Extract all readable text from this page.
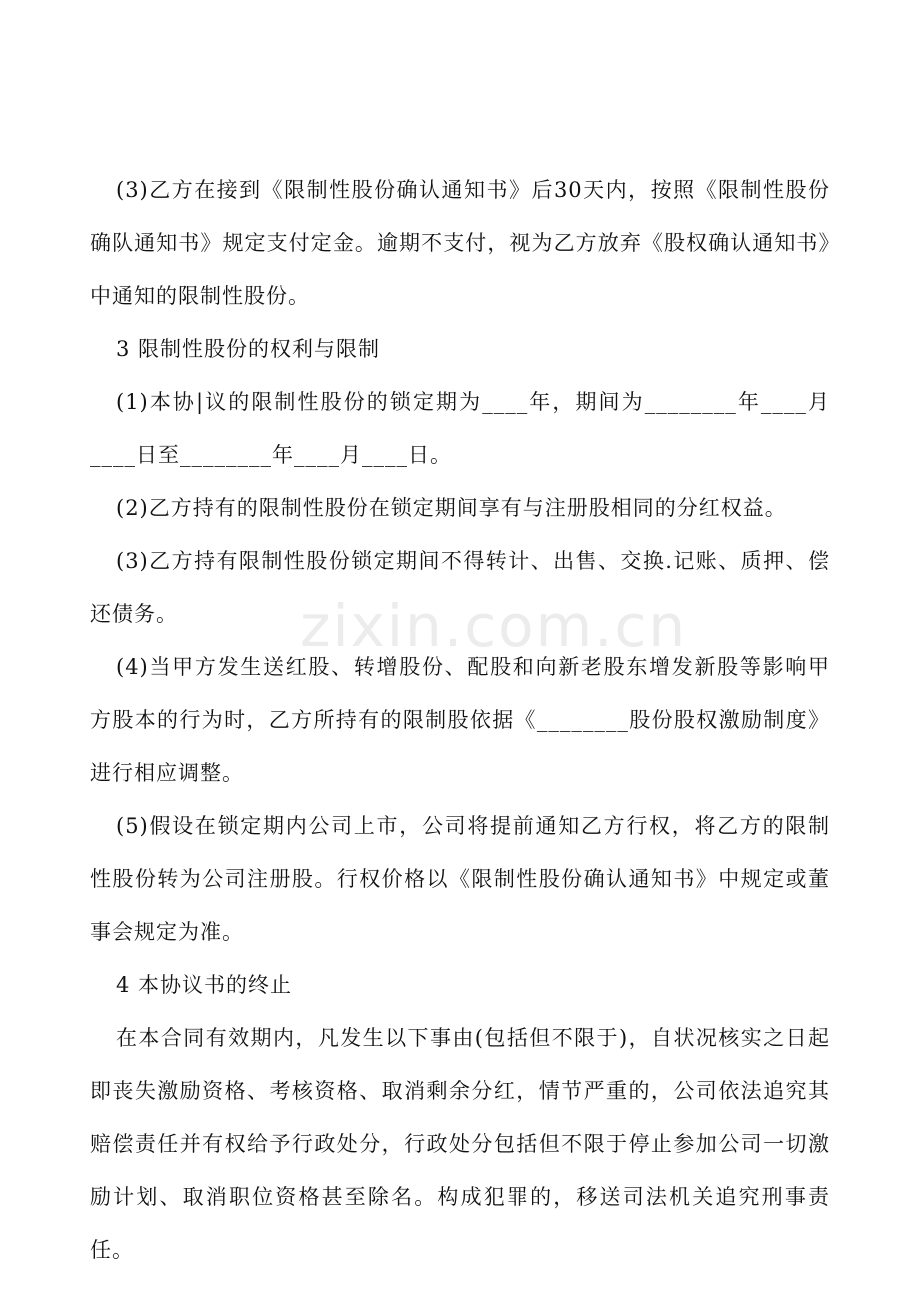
(3)乙方在接到《限制性股份确认通知书》后30天内，按照《限制性股份确队通知书》规定支付定金。逾期不支付，视为乙方放弃《股权确认通知书》中通知的限制性股份。

3 限制性股份的权利与限制

(1)本协|议的限制性股份的锁定期为____年，期间为________年____月____日至________年____月____日。

(2)乙方持有的限制性股份在锁定期间享有与注册股相同的分红权益。

(3)乙方持有限制性股份锁定期间不得转计、出售、交换.记账、质押、偿还债务。

(4)当甲方发生送红股、转增股份、配股和向新老股东增发新股等影响甲方股本的行为时，乙方所持有的限制股依据《________股份股权激励制度》进行相应调整。

(5)假设在锁定期内公司上市，公司将提前通知乙方行权，将乙方的限制性股份转为公司注册股。行权价格以《限制性股份确认通知书》中规定或董事会规定为准。

4 本协议书的终止

在本合同有效期内，凡发生以下事由(包括但不限于)，自状况核实之日起即丧失激励资格、考核资格、取消剩余分红，情节严重的，公司依法追究其赔偿责任并有权给予行政处分，行政处分包括但不限于停止参加公司一切激励计划、取消职位资格甚至除名。构成犯罪的，移送司法机关追究刑事责任。

zixin.com.cn
